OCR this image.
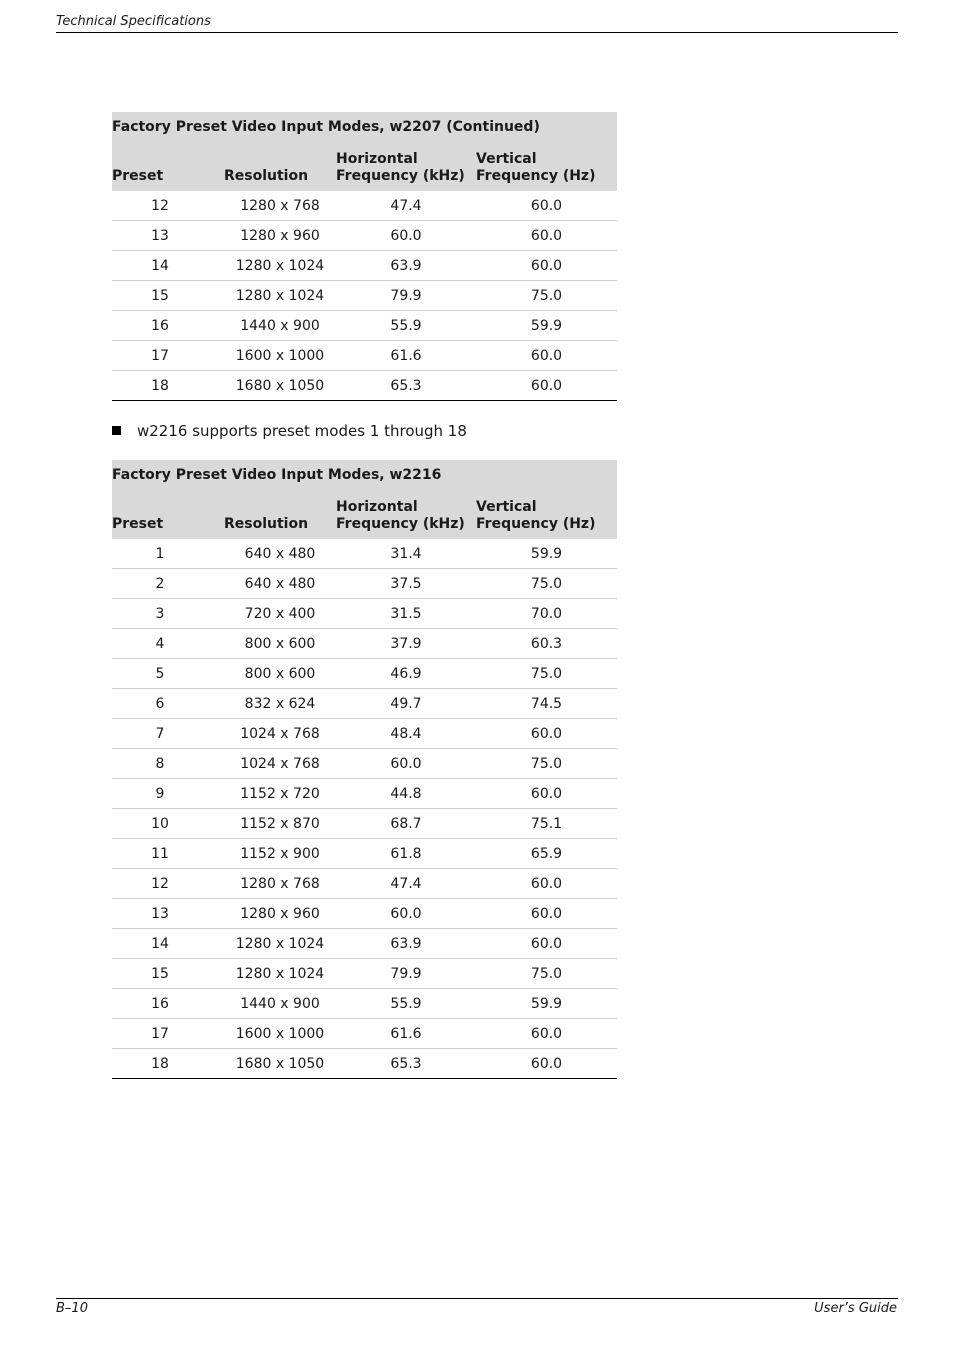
Technical Specifications
Factory Preset Video Input Modes, w2207 (Continued)			
Preset	Resolution	Horizontal Frequency (kHz)	Vertical Frequency (Hz)
12	1280 x 768	47.4	60.0
13	1280 x 960	60.0	60.0
14	1280 x 1024	63.9	60.0
15	1280 x 1024	79.9	75.0
16	1440 x 900	55.9	59.9
17	1600 x 1000	61.6	60.0
18	1680 x 1050	65.3	60.0
w2216 supports preset modes 1 through 18
Factory Preset Video Input Modes, w2216			
Preset	Resolution	Horizontal Frequency (kHz)	Vertical Frequency (Hz)
1	640 x 480	31.4	59.9
2	640 x 480	37.5	75.0
3	720 x 400	31.5	70.0
4	800 x 600	37.9	60.3
5	800 x 600	46.9	75.0
6	832 x 624	49.7	74.5
7	1024 x 768	48.4	60.0
8	1024 x 768	60.0	75.0
9	1152 x 720	44.8	60.0
10	1152 x 870	68.7	75.1
11	1152 x 900	61.8	65.9
12	1280 x 768	47.4	60.0
13	1280 x 960	60.0	60.0
14	1280 x 1024	63.9	60.0
15	1280 x 1024	79.9	75.0
16	1440 x 900	55.9	59.9
17	1600 x 1000	61.6	60.0
18	1680 x 1050	65.3	60.0
B–10	User’s Guide
